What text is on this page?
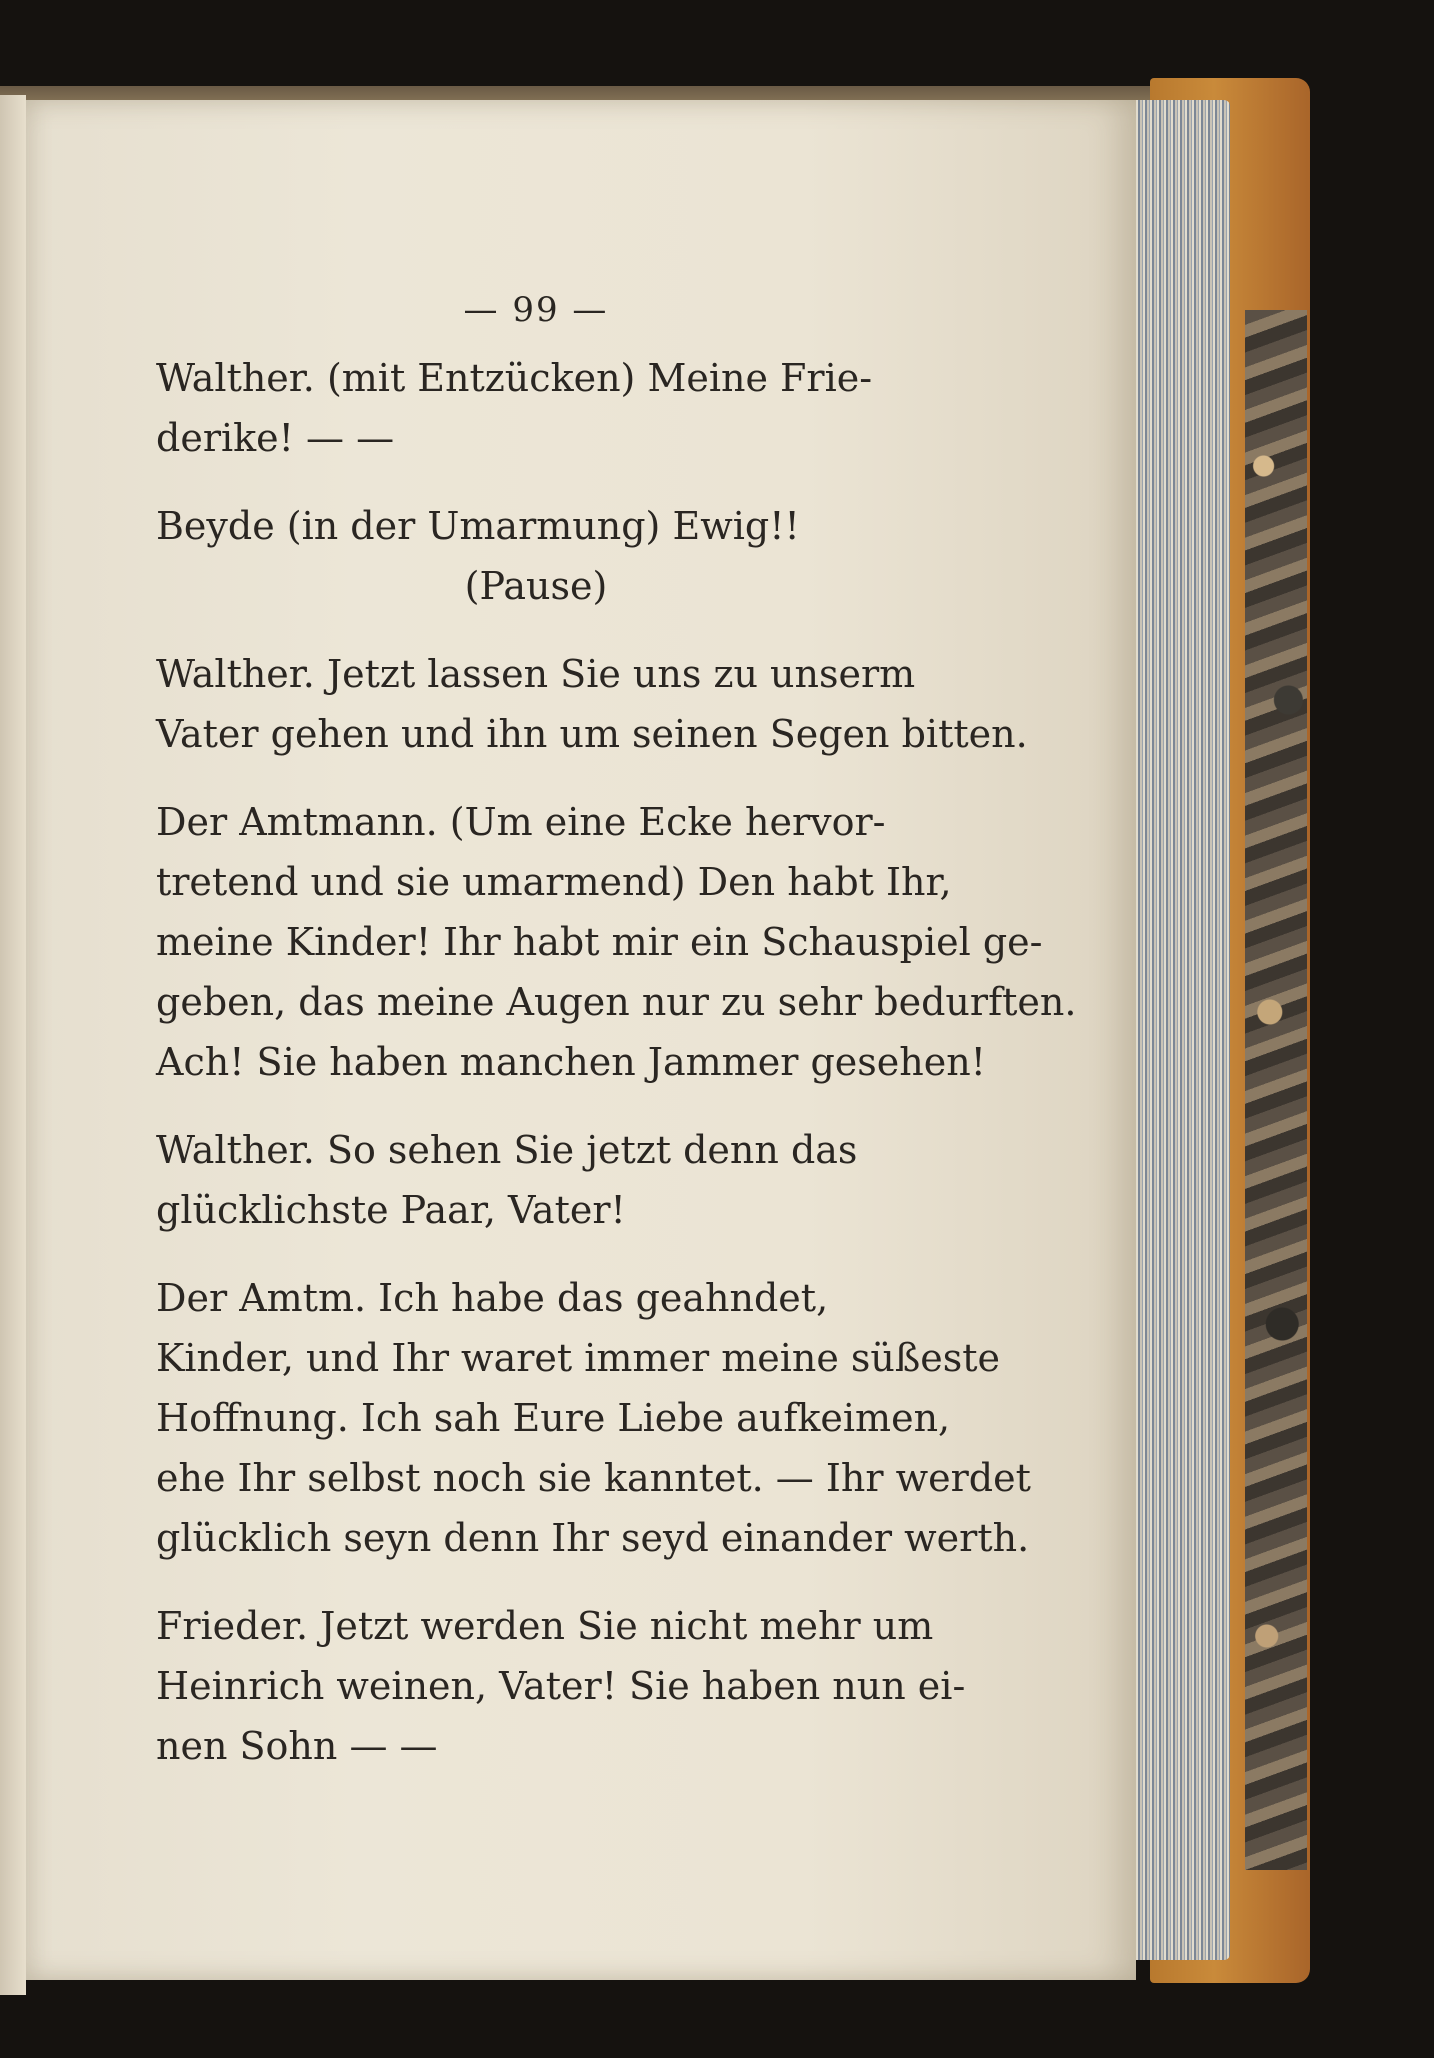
— 99 —
Walther. (mit Entzücken) Meine Frie-
derike! — —
Beyde (in der Umarmung) Ewig!!
(Pause)
Walther. Jetzt lassen Sie uns zu unserm
Vater gehen und ihn um seinen Segen bitten.
Der Amtmann. (Um eine Ecke hervor-
tretend und sie umarmend) Den habt Ihr,
meine Kinder! Ihr habt mir ein Schauspiel ge-
geben, das meine Augen nur zu sehr bedurften.
Ach! Sie haben manchen Jammer gesehen!
Walther. So sehen Sie jetzt denn das
glücklichste Paar, Vater!
Der Amtm. Ich habe das geahndet,
Kinder, und Ihr waret immer meine süßeste
Hoffnung. Ich sah Eure Liebe aufkeimen,
ehe Ihr selbst noch sie kanntet. — Ihr werdet
glücklich seyn denn Ihr seyd einander werth.
Frieder. Jetzt werden Sie nicht mehr um
Heinrich weinen, Vater! Sie haben nun ei-
nen Sohn — —
